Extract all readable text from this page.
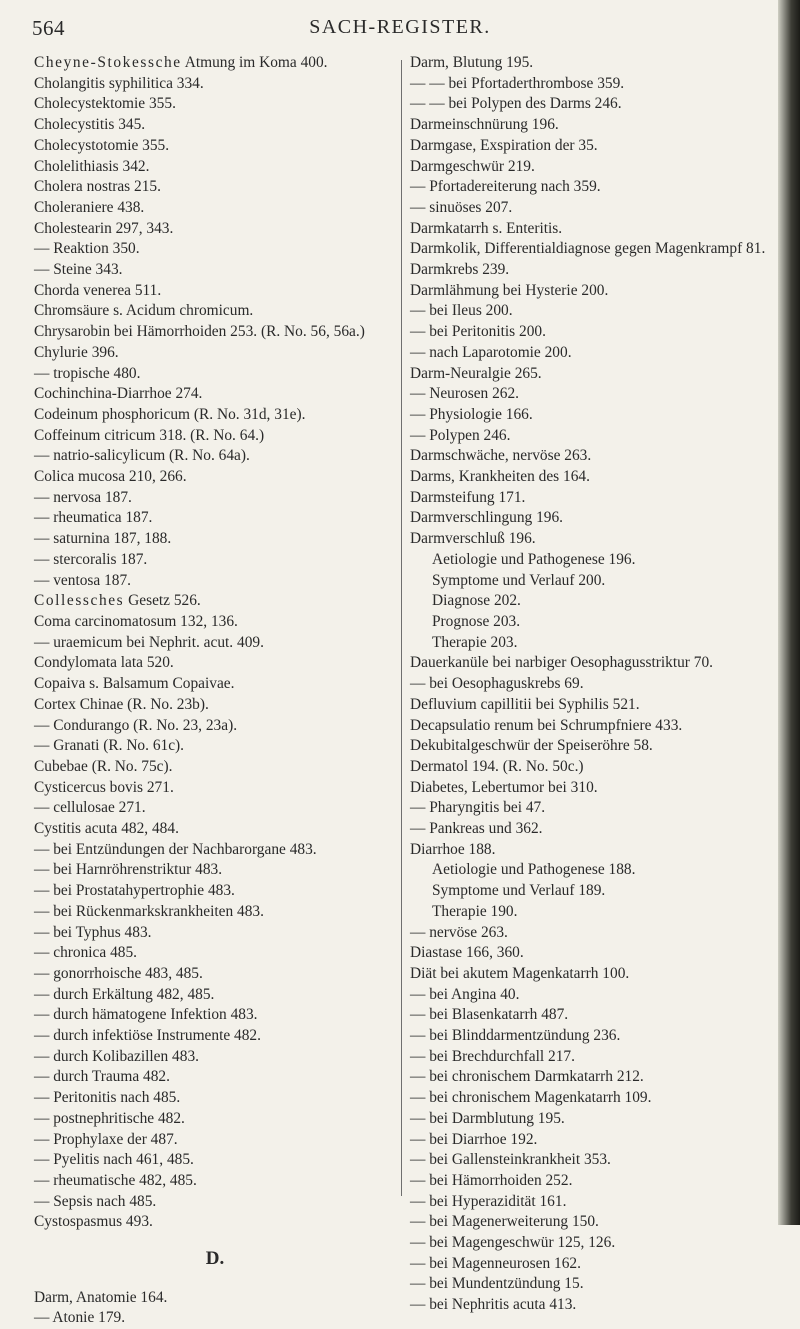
564	SACH-REGISTER.
Cheyne-Stokessche Atmung im Koma 400.
Cholangitis syphilitica 334.
Cholecystektomie 355.
Cholecystitis 345.
Cholecystotomie 355.
Cholelithiasis 342.
Cholera nostras 215.
Choleraniere 438.
Cholestearin 297, 343.
— Reaktion 350.
— Steine 343.
Chorda venerea 511.
Chromsäure s. Acidum chromicum.
Chrysarobin bei Hämorrhoiden 253. (R. No. 56, 56a.)
Chylurie 396.
— tropische 480.
Cochinchina-Diarrhoe 274.
Codeinum phosphoricum (R. No. 31d, 31e).
Coffeinum citricum 318. (R. No. 64.)
— natrio-salicylicum (R. No. 64a).
Colica mucosa 210, 266.
— nervosa 187.
— rheumatica 187.
— saturnina 187, 188.
— stercoralis 187.
— ventosa 187.
Collessches Gesetz 526.
Coma carcinomatosum 132, 136.
— uraemicum bei Nephrit. acut. 409.
Condylomata lata 520.
Copaiva s. Balsamum Copaivae.
Cortex Chinae (R. No. 23b).
— Condurango (R. No. 23, 23a).
— Granati (R. No. 61c).
Cubebae (R. No. 75c).
Cysticercus bovis 271.
— cellulosae 271.
Cystitis acuta 482, 484.
— bei Entzündungen der Nachbarorgane 483.
— bei Harnröhrenstriktur 483.
— bei Prostatahypertrophie 483.
— bei Rückenmarkskrankheiten 483.
— bei Typhus 483.
— chronica 485.
— gonorrhoische 483, 485.
— durch Erkältung 482, 485.
— durch hämatogene Infektion 483.
— durch infektiöse Instrumente 482.
— durch Kolibazillen 483.
— durch Trauma 482.
— Peritonitis nach 485.
— postnephritische 482.
— Prophylaxe der 487.
— Pyelitis nach 461, 485.
— rheumatische 482, 485.
— Sepsis nach 485.
Cystospasmus 493.
D.
Darm, Anatomie 164.
— Atonie 179.
Darm, Blutung 195.
— — bei Pfortaderthrombose 359.
— — bei Polypen des Darms 246.
Darmeinschnürung 196.
Darmgase, Exspiration der 35.
Darmgeschwür 219.
— Pfortadereiterung nach 359.
— sinuöses 207.
Darmkatarrh s. Enteritis.
Darmkolik, Differentialdiagnose gegen Magenkrampf 81.
Darmkrebs 239.
Darmlähmung bei Hysterie 200.
— bei Ileus 200.
— bei Peritonitis 200.
— nach Laparotomie 200.
Darm-Neuralgie 265.
— Neurosen 262.
— Physiologie 166.
— Polypen 246.
Darmschwäche, nervöse 263.
Darms, Krankheiten des 164.
Darmsteifung 171.
Darmverschlingung 196.
Darmverschluß 196.
Aetiologie und Pathogenese 196.
Symptome und Verlauf 200.
Diagnose 202.
Prognose 203.
Therapie 203.
Dauerkanüle bei narbiger Oesophagusstriktur 70.
— bei Oesophaguskrebs 69.
Defluvium capillitii bei Syphilis 521.
Decapsulatio renum bei Schrumpfniere 433.
Dekubitalgeschwür der Speiseröhre 58.
Dermatol 194. (R. No. 50c.)
Diabetes, Lebertumor bei 310.
— Pharyngitis bei 47.
— Pankreas und 362.
Diarrhoe 188.
Aetiologie und Pathogenese 188.
Symptome und Verlauf 189.
Therapie 190.
— nervöse 263.
Diastase 166, 360.
Diät bei akutem Magenkatarrh 100.
— bei Angina 40.
— bei Blasenkatarrh 487.
— bei Blinddarmentzündung 236.
— bei Brechdurchfall 217.
— bei chronischem Darmkatarrh 212.
— bei chronischem Magenkatarrh 109.
— bei Darmblutung 195.
— bei Diarrhoe 192.
— bei Gallensteinkrankheit 353.
— bei Hämorrhoiden 252.
— bei Hyperazidität 161.
— bei Magenerweiterung 150.
— bei Magengeschwür 125, 126.
— bei Magenneurosen 162.
— bei Mundentzündung 15.
— bei Nephritis acuta 413.
